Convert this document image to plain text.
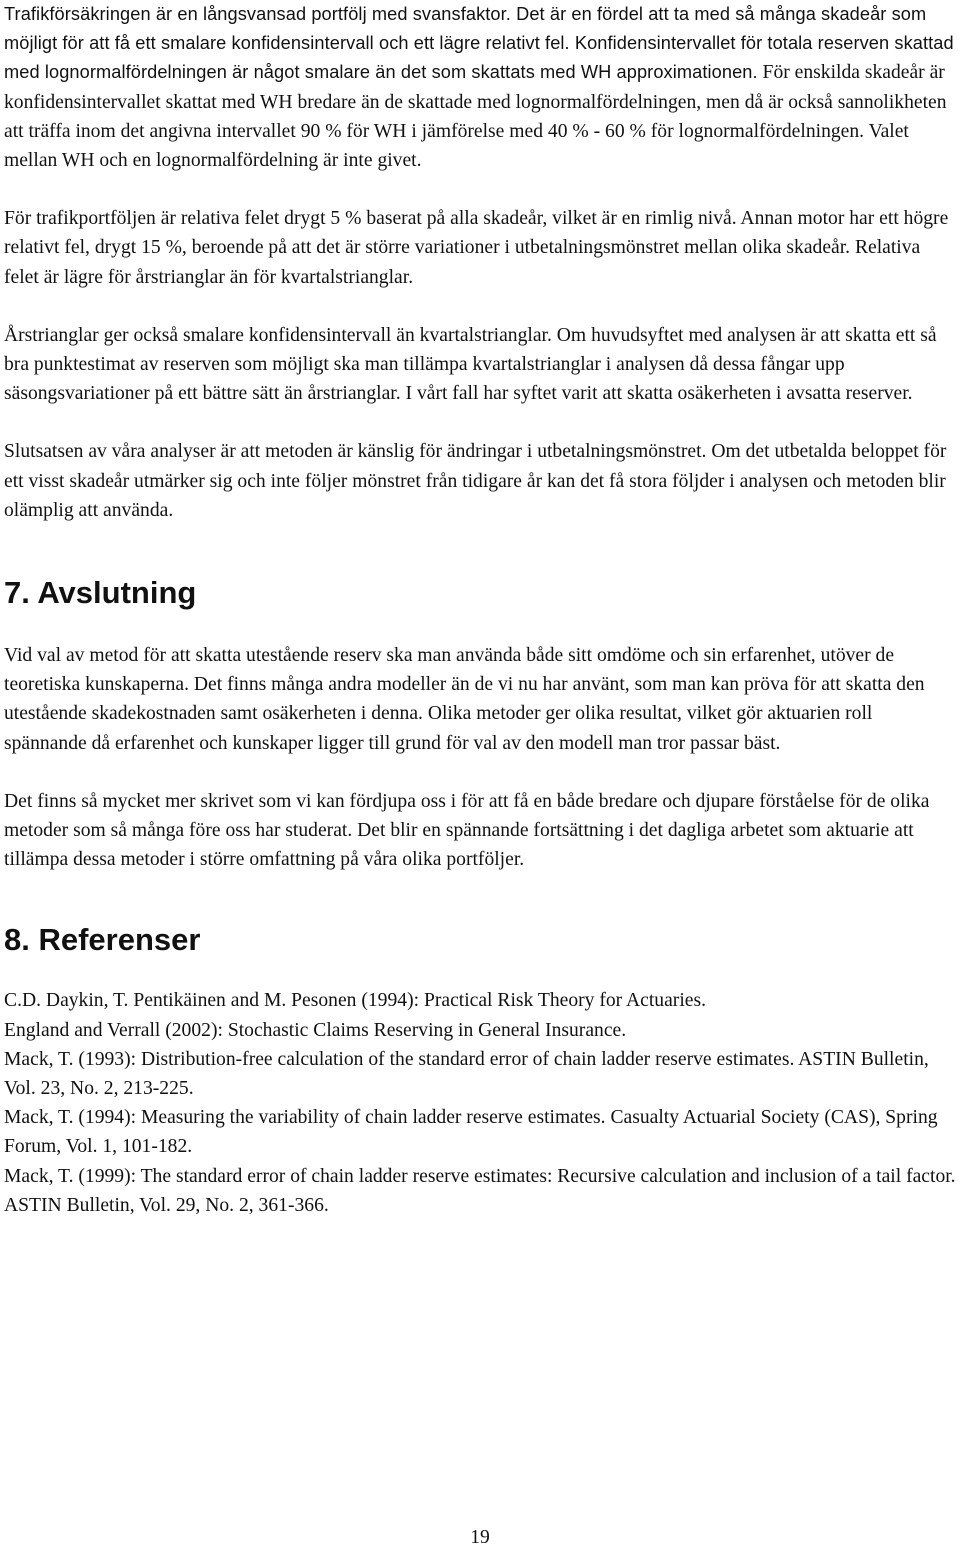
Trafikförsäkringen är en långsvansad portfölj med svansfaktor. Det är en fördel att ta med så många skadeår som möjligt för att få ett smalare konfidensintervall och ett lägre relativt fel. Konfidensintervallet för totala reserven skattad med lognormalfördelningen är något smalare än det som skattats med WH approximationen. För enskilda skadeår är konfidensintervallet skattat med WH bredare än de skattade med lognormalfördelningen, men då är också sannolikheten att träffa inom det angivna intervallet 90 % för WH i jämförelse med 40 % - 60 % för lognormalfördelningen. Valet mellan WH och en lognormalfördelning är inte givet.

För trafikportföljen är relativa felet drygt 5 % baserat på alla skadeår, vilket är en rimlig nivå. Annan motor har ett högre relativt fel, drygt 15 %, beroende på att det är större variationer i utbetalningsmönstret mellan olika skadeår. Relativa felet är lägre för årstrianglar än för kvartalstrianglar.

Årstrianglar ger också smalare konfidensintervall än kvartalstrianglar. Om huvudsyftet med analysen är att skatta ett så bra punktestimat av reserven som möjligt ska man tillämpa kvartalstrianglar i analysen då dessa fångar upp säsongsvariationer på ett bättre sätt än årstrianglar. I vårt fall har syftet varit att skatta osäkerheten i avsatta reserver.

Slutsatsen av våra analyser är att metoden är känslig för ändringar i utbetalningsmönstret. Om det utbetalda beloppet för ett visst skadeår utmärker sig och inte följer mönstret från tidigare år kan det få stora följder i analysen och metoden blir olämplig att använda.

7. Avslutning

Vid val av metod för att skatta utestående reserv ska man använda både sitt omdöme och sin erfarenhet, utöver de teoretiska kunskaperna. Det finns många andra modeller än de vi nu har använt, som man kan pröva för att skatta den utestående skadekostnaden samt osäkerheten i denna. Olika metoder ger olika resultat, vilket gör aktuarien roll spännande då erfarenhet och kunskaper ligger till grund för val av den modell man tror passar bäst.

Det finns så mycket mer skrivet som vi kan fördjupa oss i för att få en både bredare och djupare förståelse för de olika metoder som så många före oss har studerat. Det blir en spännande fortsättning i det dagliga arbetet som aktuarie att tillämpa dessa metoder i större omfattning på våra olika portföljer.

8. Referenser

C.D. Daykin, T. Pentikäinen and M. Pesonen (1994): Practical Risk Theory for Actuaries.

England and Verrall (2002): Stochastic Claims Reserving in General Insurance.

Mack, T. (1993): Distribution-free calculation of the standard error of chain ladder reserve estimates. ASTIN Bulletin, Vol. 23, No. 2, 213-225.

Mack, T. (1994): Measuring the variability of chain ladder reserve estimates. Casualty Actuarial Society (CAS), Spring Forum, Vol. 1, 101-182.

Mack, T. (1999): The standard error of chain ladder reserve estimates: Recursive calculation and inclusion of a tail factor. ASTIN Bulletin, Vol. 29, No. 2, 361-366.

19
